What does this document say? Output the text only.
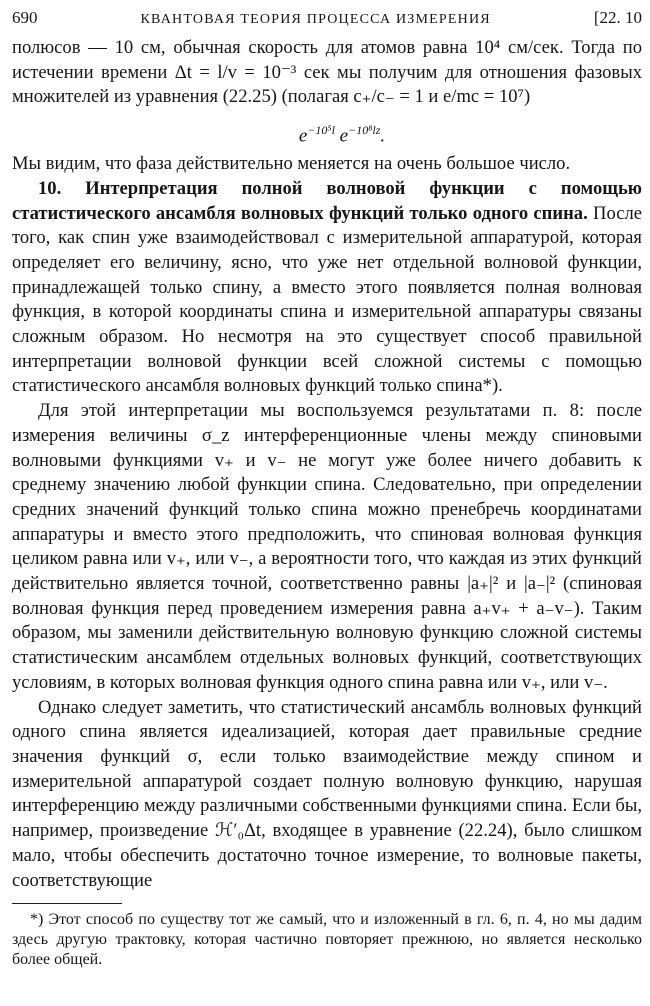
690	КВАНТОВАЯ ТЕОРИЯ ПРОЦЕССА ИЗМЕРЕНИЯ	[22. 10

полюсов — 10 см, обычная скорость для атомов равна 10⁴ см/сек. Тогда по истечении времени Δt = l/v = 10⁻³ сек мы получим для отношения фазовых множителей из уравнения (22.25) (полагая c₊/c₋ = 1 и e/mc = 10⁷)

$e^{-10^5l}$ $e^{-10^8lz}$.

Мы видим, что фаза действительно меняется на очень большое число.

10. Интерпретация полной волновой функции с помощью статистического ансамбля волновых функций только одного спина. После того, как спин уже взаимодействовал с измерительной аппаратурой, которая определяет его величину, ясно, что уже нет отдельной волновой функции, принадлежащей только спину, а вместо этого появляется полная волновая функция, в которой координаты спина и измерительной аппаратуры связаны сложным образом. Но несмотря на это существует способ правильной интерпретации волновой функции всей сложной системы с помощью статистического ансамбля волновых функций только спина*).

Для этой интерпретации мы воспользуемся результатами п. 8: после измерения величины σ_z интерференционные члены между спиновыми волновыми функциями v₊ и v₋ не могут уже более ничего добавить к среднему значению любой функции спина. Следовательно, при определении средних значений функций только спина можно пренебречь координатами аппаратуры и вместо этого предположить, что спиновая волновая функция целиком равна или v₊, или v₋, а вероятности того, что каждая из этих функций действительно является точной, соответственно равны |a₊|² и |a₋|² (спиновая волновая функция перед проведением измерения равна a₊v₊ + a₋v₋). Таким образом, мы заменили действительную волновую функцию сложной системы статистическим ансамблем отдельных волновых функций, соответствующих условиям, в которых волновая функция одного спина равна или v₊, или v₋.

Однако следует заметить, что статистический ансамбль волновых функций одного спина является идеализацией, которая дает правильные средние значения функций σ, если только взаимодействие между спином и измерительной аппаратурой создает полную волновую функцию, нарушая интерференцию между различными собственными функциями спина. Если бы, например, произведение ℋ′₀Δt, входящее в уравнение (22.24), было слишком мало, чтобы обеспечить достаточно точное измерение, то волновые пакеты, соответствующие

*) Этот способ по существу тот же самый, что и изложенный в гл. 6, п. 4, но мы дадим здесь другую трактовку, которая частично повторяет прежнюю, но является несколько более общей.
